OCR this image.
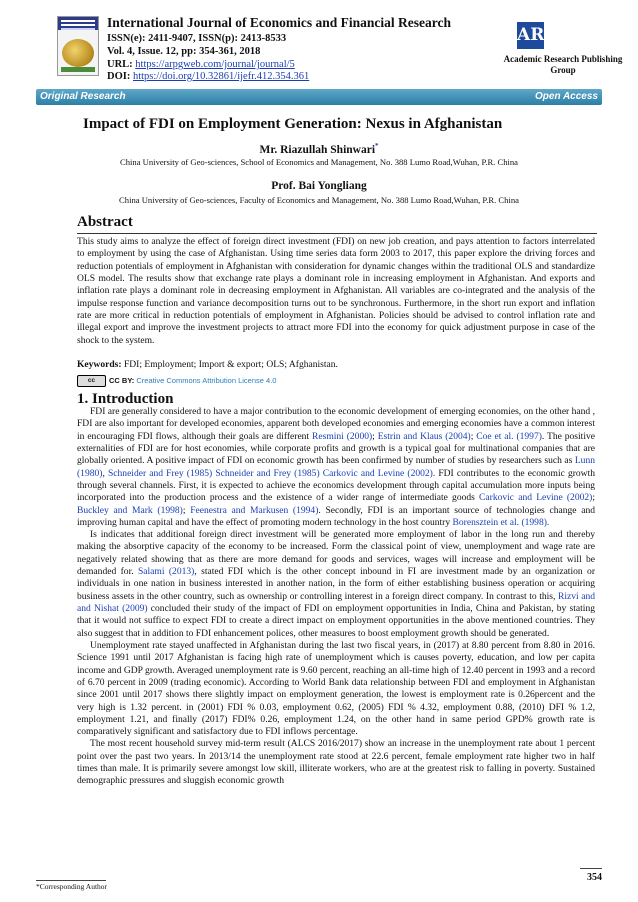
International Journal of Economics and Financial Research
ISSN(e): 2411-9407, ISSN(p): 2413-8533
Vol. 4, Issue. 12, pp: 354-361, 2018
URL: https://arpgweb.com/journal/journal/5
DOI: https://doi.org/10.32861/ijefr.412.354.361
AR
Academic Research Publishing Group
Original Research	Open Access
Impact of FDI on Employment Generation: Nexus in Afghanistan
Mr. Riazullah Shinwari*
China University of Geo-sciences, School of Economics and Management, No. 388 Lumo Road,Wuhan, P.R. China
Prof. Bai Yongliang
China University of Geo-sciences, Faculty of Economics and Management, No. 388 Lumo Road,Wuhan, P.R. China
Abstract
This study aims to analyze the effect of foreign direct investment (FDI) on new job creation, and pays attention to factors interrelated to employment by using the case of Afghanistan. Using time series data form 2003 to 2017, this paper explore the driving forces and reduction potentials of employment in Afghanistan with consideration for dynamic changes within the traditional OLS and standardize OLS model. The results show that exchange rate plays a dominant role in increasing employment in Afghanistan. And exports and inflation rate plays a dominant role in decreasing employment in Afghanistan. All variables are co-integrated and the analysis of the impulse response function and variance decomposition turns out to be synchronous. Furthermore, in the short run export and inflation rate are more critical in reduction potentials of employment in Afghanistan. Policies should be advised to control inflation rate and illegal export and improve the investment projects to attract more FDI into the economy for quick adjustment purpose in case of the shock to the system.
Keywords: FDI; Employment; Import & export; OLS; Afghanistan.
cc CC BY: Creative Commons Attribution License 4.0
1. Introduction

FDI are generally considered to have a major contribution to the economic development of emerging economies, on the other hand , FDI are also important for developed economies, apparent both developed economies and emerging economies have a common interest in encouraging FDI flows, although their goals are different Resmini (2000); Estrin and Klaus (2004); Coe et al. (1997). The positive externalities of FDI are for host economies, while corporate profits and growth is a typical goal for multinational companies that are globally oriented. A positive impact of FDI on economic growth has been confirmed by number of studies by researchers such as Lunn (1980), Schneider and Frey (1985) Schneider and Frey (1985) Carkovic and Levine (2002). FDI contributes to the economic growth through several channels. First, it is expected to achieve the economics development through capital accumulation more inputs being incorporated into the production process and the existence of a wider range of intermediate goods Carkovic and Levine (2002); Buckley and Mark (1998); Feenestra and Markusen (1994). Secondly, FDI is an important source of technologies change and improving human capital and have the effect of promoting modern technology in the host country Borensztein et al. (1998).

Is indicates that additional foreign direct investment will be generated more employment of labor in the long run and thereby making the absorptive capacity of the economy to be increased. Form the classical point of view, unemployment and wage rate are negatively related showing that as there are more demand for goods and services, wages will increase and employment will be demanded for. Salami (2013), stated FDI which is the other concept inbound in FI are investment made by an organization or individuals in one nation in business interested in another nation, in the form of either establishing business operation or acquiring business assets in the other country, such as ownership or controlling interest in a foreign direct company. In contrast to this, Rizvi and and Nishat (2009) concluded their study of the impact of FDI on employment opportunities in India, China and Pakistan, by stating that it would not suffice to expect FDI to create a direct impact on employment opportunities in the above mentioned countries. They also suggest that in addition to FDI enhancement polices, other measures to boost employment growth should be generated.

Unemployment rate stayed unaffected in Afghanistan during the last two fiscal years, in (2017) at 8.80 percent from 8.80 in 2016. Science 1991 until 2017 Afghanistan is facing high rate of unemployment which is causes poverty, education, and low per capita income and GDP growth. Averaged unemployment rate is 9.60 percent, reaching an all-time high of 12.40 percent in 1993 and a record of 6.70 percent in 2009 (trading economic). According to World Bank data relationship between FDI and employment in Afghanistan since 2001 until 2017 shows there slightly impact on employment generation, the lowest is employment rate is 0.26percent and the very high is 1.32 percent. in (2001) FDI % 0.03, employment 0.62, (2005) FDI % 4.32, employment 0.88, (2010) DFI % 1.2, employment 1.21, and finally (2017) FDI% 0.26, employment 1.24, on the other hand in same period GPD% growth rate is comparatively significant and satisfactory due to FDI inflows percentage.

The most recent household survey mid-term result (ALCS 2016/2017) show an increase in the unemployment rate about 1 percent point over the past two years. In 2013/14 the unemployment rate stood at 22.6 percent, female employment rate higher two in half times than male. It is primarily severe amongst low skill, illiterate workers, who are at the greatest risk to falling in poverty. Sustained demographic pressures and sluggish economic growth

*Corresponding Author
354
